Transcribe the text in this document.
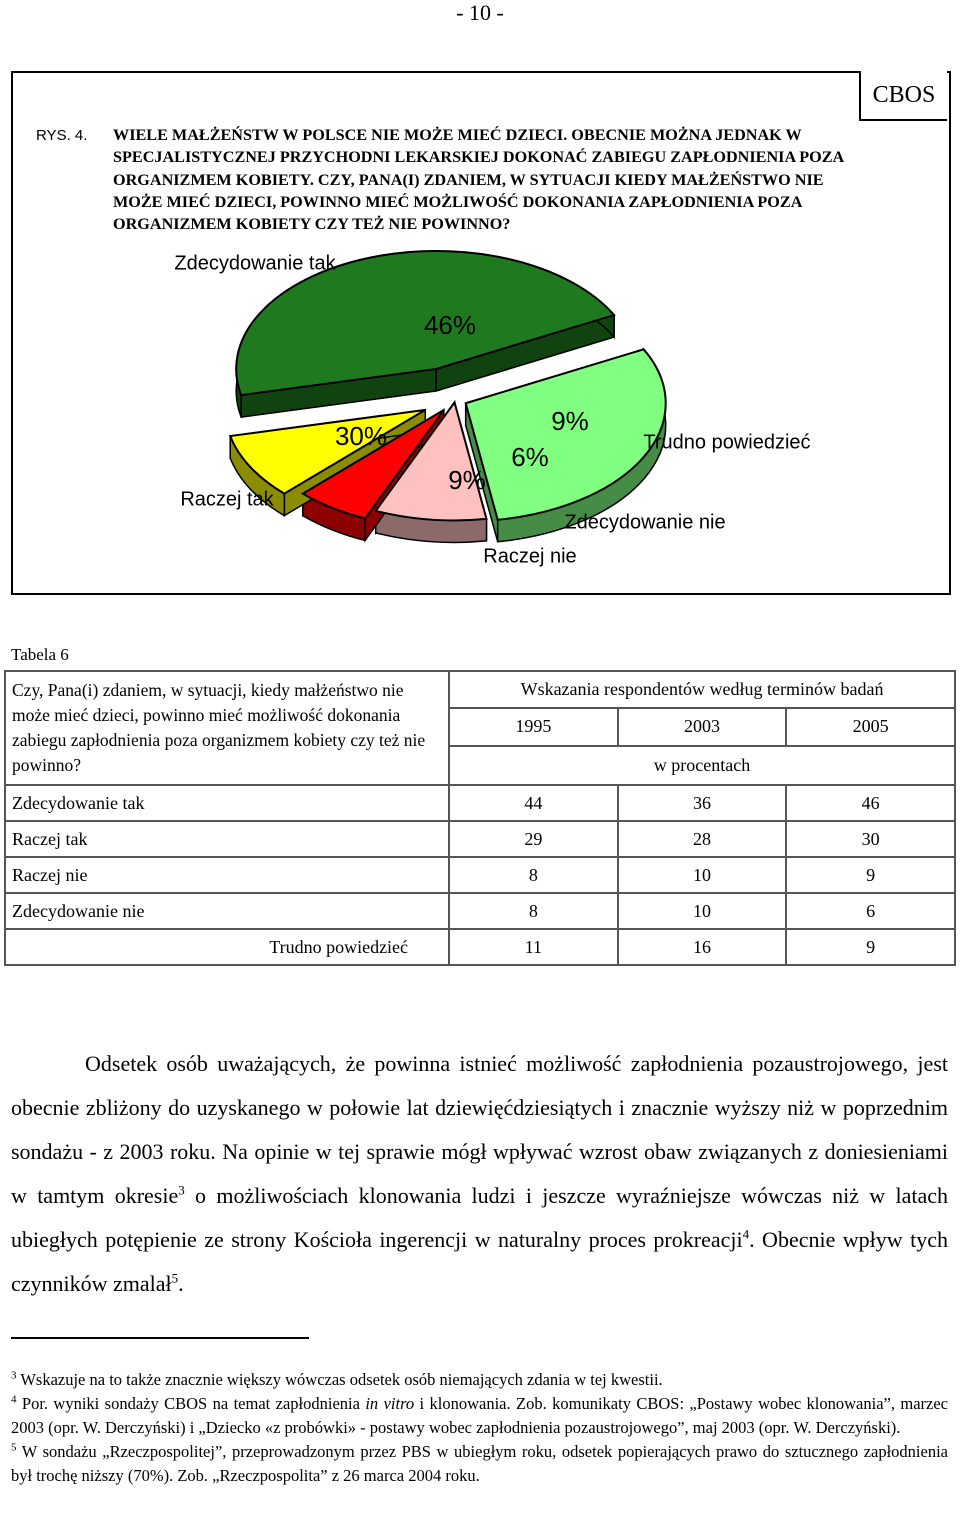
- 10 -
CBOS
RYS. 4. WIELE MAŁŻEŃSTW W POLSCE NIE MOŻE MIEĆ DZIECI. OBECNIE MOŻNA JEDNAK W SPECJALISTYCZNEJ PRZYCHODNI LEKARSKIEJ DOKONAĆ ZABIEGU ZAPŁODNIENIA POZA ORGANIZMEM KOBIETY. CZY, PANA(I) ZDANIEM, W SYTUACJI KIEDY MAŁŻEŃSTWO NIE MOŻE MIEĆ DZIECI, POWINNO MIEĆ MOŻLIWOŚĆ DOKONANIA ZAPŁODNIENIA POZA ORGANIZMEM KOBIETY CZY TEŻ NIE POWINNO?
46%
30%
9%
6%
9%
Zdecydowanie tak
Raczej tak
Raczej nie
Zdecydowanie nie
Trudno powiedzieć
Tabela 6
Czy, Pana(i) zdaniem, w sytuacji, kiedy małżeństwo nie może mieć dzieci, powinno mieć możliwość dokonania zabiegu zapłodnienia poza organizmem kobiety czy też nie powinno?	Wskazania respondentów według terminów badań		
	1995	2003	2005
	w procentach		
Zdecydowanie tak	44	36	46
Raczej tak	29	28	30
Raczej nie	8	10	9
Zdecydowanie nie	8	10	6
Trudno powiedzieć	11	16	9
Odsetek osób uważających, że powinna istnieć możliwość zapłodnienia pozaustrojowego, jest obecnie zbliżony do uzyskanego w połowie lat dziewięćdziesiątych i znacznie wyższy niż w poprzednim sondażu - z 2003 roku. Na opinie w tej sprawie mógł wpływać wzrost obaw związanych z doniesieniami w tamtym okresie$^3$ o możliwościach klonowania ludzi i jeszcze wyraźniejsze wówczas niż w latach ubiegłych potępienie ze strony Kościoła ingerencji w naturalny proces prokreacji$^4$. Obecnie wpływ tych czynników zmalał$^5$.

$^3$ Wskazuje na to także znacznie większy wówczas odsetek osób niemających zdania w tej kwestii.

$^4$ Por. wyniki sondaży CBOS na temat zapłodnienia in vitro i klonowania. Zob. komunikaty CBOS: „Postawy wobec klonowania”, marzec 2003 (opr. W. Derczyński) i „Dziecko «z probówki» - postawy wobec zapłodnienia pozaustrojowego”, maj 2003 (opr. W. Derczyński).

$^5$ W sondażu „Rzeczpospolitej”, przeprowadzonym przez PBS w ubiegłym roku, odsetek popierających prawo do sztucznego zapłodnienia był trochę niższy (70%). Zob. „Rzeczpospolita” z 26 marca 2004 roku.
